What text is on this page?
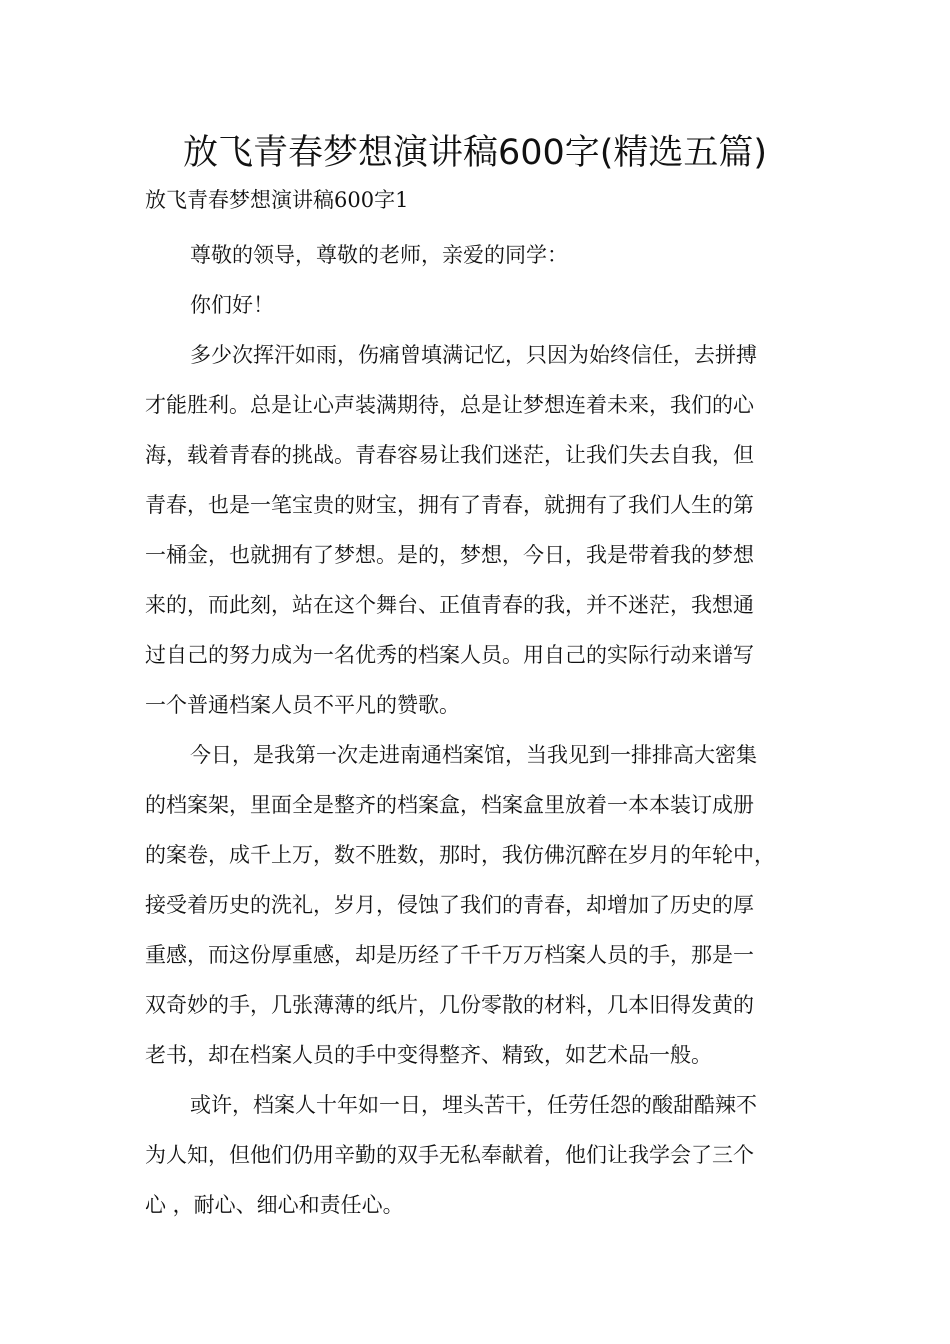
放飞青春梦想演讲稿600字(精选五篇)
放飞青春梦想演讲稿600字1

尊敬的领导，尊敬的老师，亲爱的同学：

你们好！

多少次挥汗如雨，伤痛曾填满记忆，只因为始终信任，去拼搏
才能胜利。总是让心声装满期待，总是让梦想连着未来，我们的心
海，载着青春的挑战。青春容易让我们迷茫，让我们失去自我，但
青春，也是一笔宝贵的财宝，拥有了青春，就拥有了我们人生的第
一桶金，也就拥有了梦想。是的，梦想，今日，我是带着我的梦想
来的，而此刻，站在这个舞台、正值青春的我，并不迷茫，我想通
过自己的努力成为一名优秀的档案人员。用自己的实际行动来谱写
一个普通档案人员不平凡的赞歌。

今日，是我第一次走进南通档案馆，当我见到一排排高大密集
的档案架，里面全是整齐的档案盒，档案盒里放着一本本装订成册
的案卷，成千上万，数不胜数，那时，我仿佛沉醉在岁月的年轮中，
接受着历史的洗礼，岁月，侵蚀了我们的青春，却增加了历史的厚
重感，而这份厚重感，却是历经了千千万万档案人员的手，那是一
双奇妙的手，几张薄薄的纸片，几份零散的材料，几本旧得发黄的
老书，却在档案人员的手中变得整齐、精致，如艺术品一般。

或许，档案人十年如一日，埋头苦干，任劳任怨的酸甜酷辣不
为人知，但他们仍用辛勤的双手无私奉献着，他们让我学会了三个
心 ，耐心、细心和责任心。
